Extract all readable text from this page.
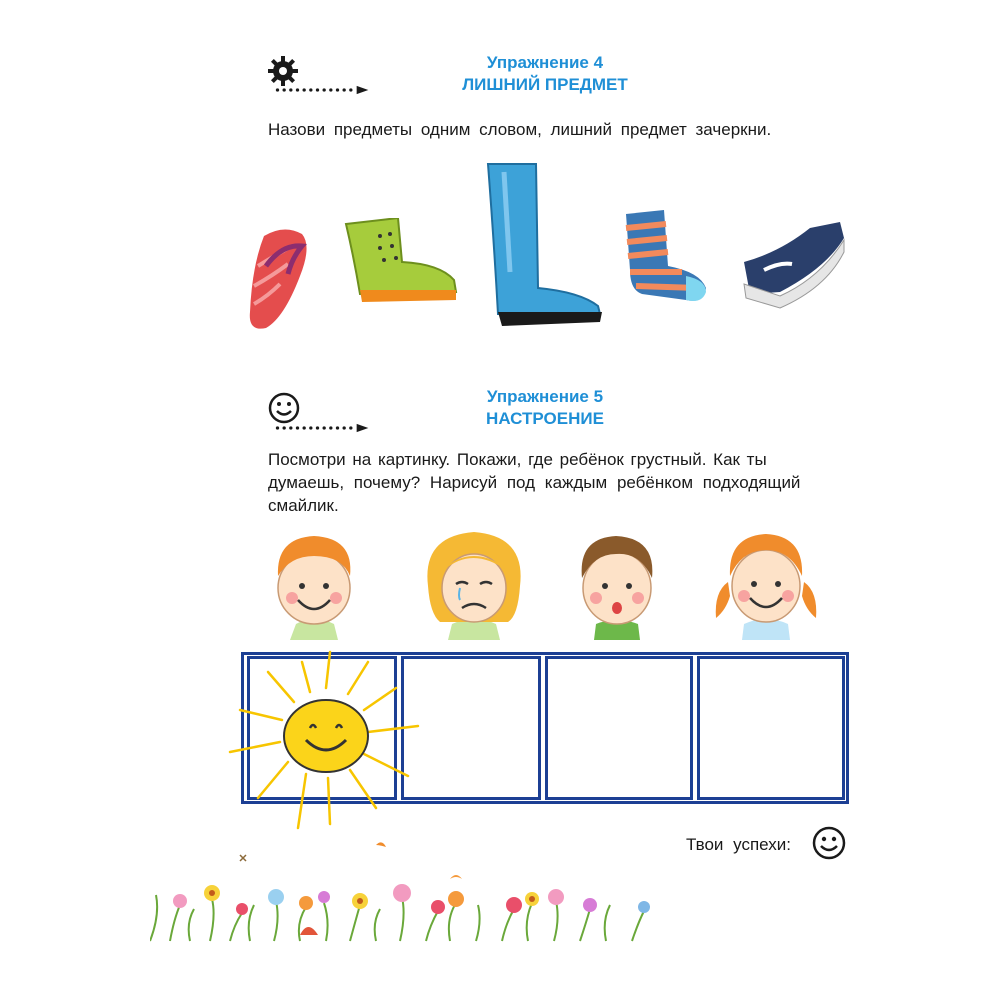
Упражнение 4
ЛИШНИЙ ПРЕДМЕТ
Назови предметы одним словом, лишний предмет зачеркни.
Упражнение 5
НАСТРОЕНИЕ
Посмотри на картинку. Покажи, где ребёнок грустный. Как ты
думаешь, почему? Нарисуй под каждым ребёнком подходящий
смайлик.
Твои успехи:
